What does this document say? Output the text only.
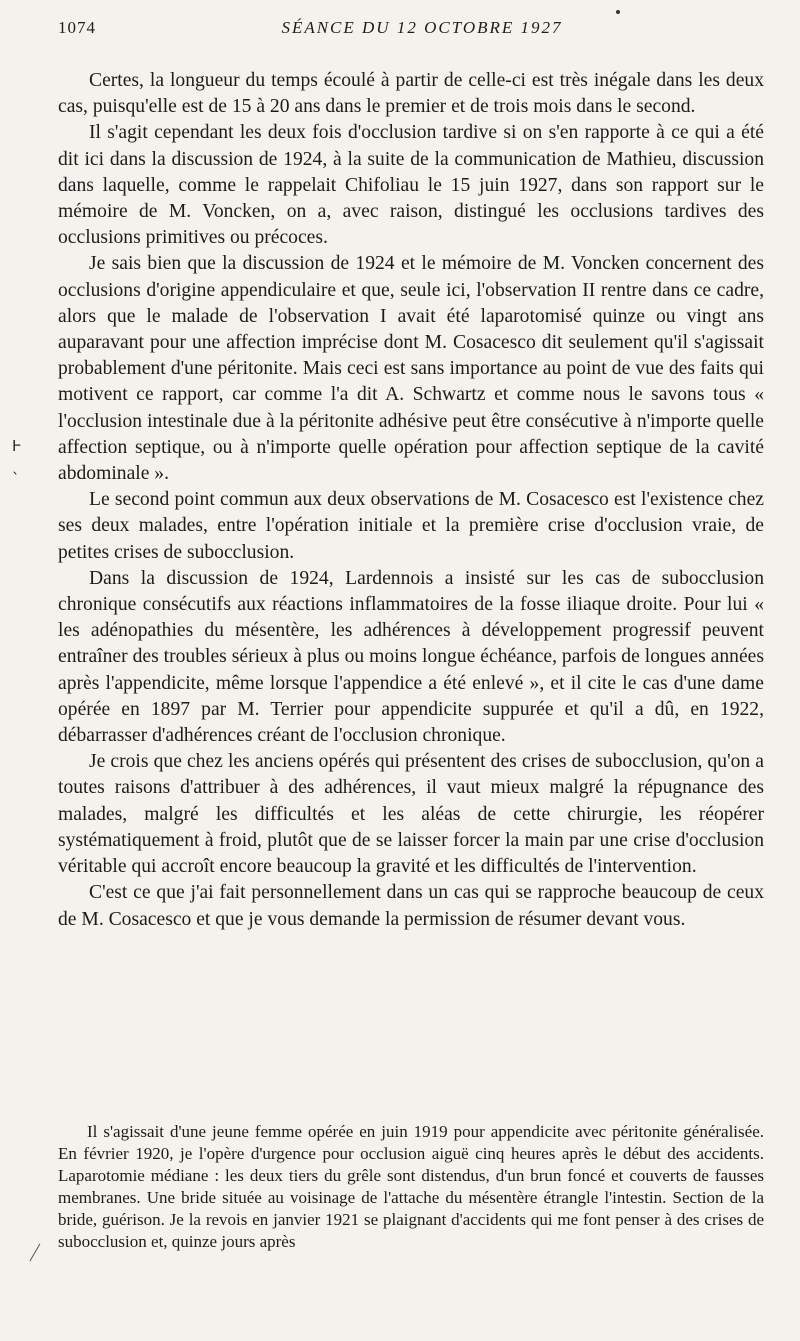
1074	SÉANCE DU 12 OCTOBRE 1927

Certes, la longueur du temps écoulé à partir de celle-ci est très inégale dans les deux cas, puisqu'elle est de 15 à 20 ans dans le premier et de trois mois dans le second.

Il s'agit cependant les deux fois d'occlusion tardive si on s'en rapporte à ce qui a été dit ici dans la discussion de 1924, à la suite de la communication de Mathieu, discussion dans laquelle, comme le rappelait Chifoliau le 15 juin 1927, dans son rapport sur le mémoire de M. Voncken, on a, avec raison, distingué les occlusions tardives des occlusions primitives ou précoces.

Je sais bien que la discussion de 1924 et le mémoire de M. Voncken concernent des occlusions d'origine appendiculaire et que, seule ici, l'observation II rentre dans ce cadre, alors que le malade de l'observation I avait été laparotomisé quinze ou vingt ans auparavant pour une affection imprécise dont M. Cosacesco dit seulement qu'il s'agissait probablement d'une péritonite. Mais ceci est sans importance au point de vue des faits qui motivent ce rapport, car comme l'a dit A. Schwartz et comme nous le savons tous « l'occlusion intestinale due à la péritonite adhésive peut être consécutive à n'importe quelle affection septique, ou à n'importe quelle opération pour affection septique de la cavité abdominale ».

Le second point commun aux deux observations de M. Cosacesco est l'existence chez ses deux malades, entre l'opération initiale et la première crise d'occlusion vraie, de petites crises de subocclusion.

Dans la discussion de 1924, Lardennois a insisté sur les cas de subocclusion chronique consécutifs aux réactions inflammatoires de la fosse iliaque droite. Pour lui « les adénopathies du mésentère, les adhérences à développement progressif peuvent entraîner des troubles sérieux à plus ou moins longue échéance, parfois de longues années après l'appendicite, même lorsque l'appendice a été enlevé », et il cite le cas d'une dame opérée en 1897 par M. Terrier pour appendicite suppurée et qu'il a dû, en 1922, débarrasser d'adhérences créant de l'occlusion chronique.

Je crois que chez les anciens opérés qui présentent des crises de subocclusion, qu'on a toutes raisons d'attribuer à des adhérences, il vaut mieux malgré la répugnance des malades, malgré les difficultés et les aléas de cette chirurgie, les réopérer systématiquement à froid, plutôt que de se laisser forcer la main par une crise d'occlusion véritable qui accroît encore beaucoup la gravité et les difficultés de l'intervention.

C'est ce que j'ai fait personnellement dans un cas qui se rapproche beaucoup de ceux de M. Cosacesco et que je vous demande la permission de résumer devant vous.

Ͱ
ˎ

Il s'agissait d'une jeune femme opérée en juin 1919 pour appendicite avec péritonite généralisée. En février 1920, je l'opère d'urgence pour occlusion aiguë cinq heures après le début des accidents. Laparotomie médiane : les deux tiers du grêle sont distendus, d'un brun foncé et couverts de fausses membranes. Une bride située au voisinage de l'attache du mésentère étrangle l'intestin. Section de la bride, guérison. Je la revois en janvier 1921 se plaignant d'accidents qui me font penser à des crises de subocclusion et, quinze jours après
